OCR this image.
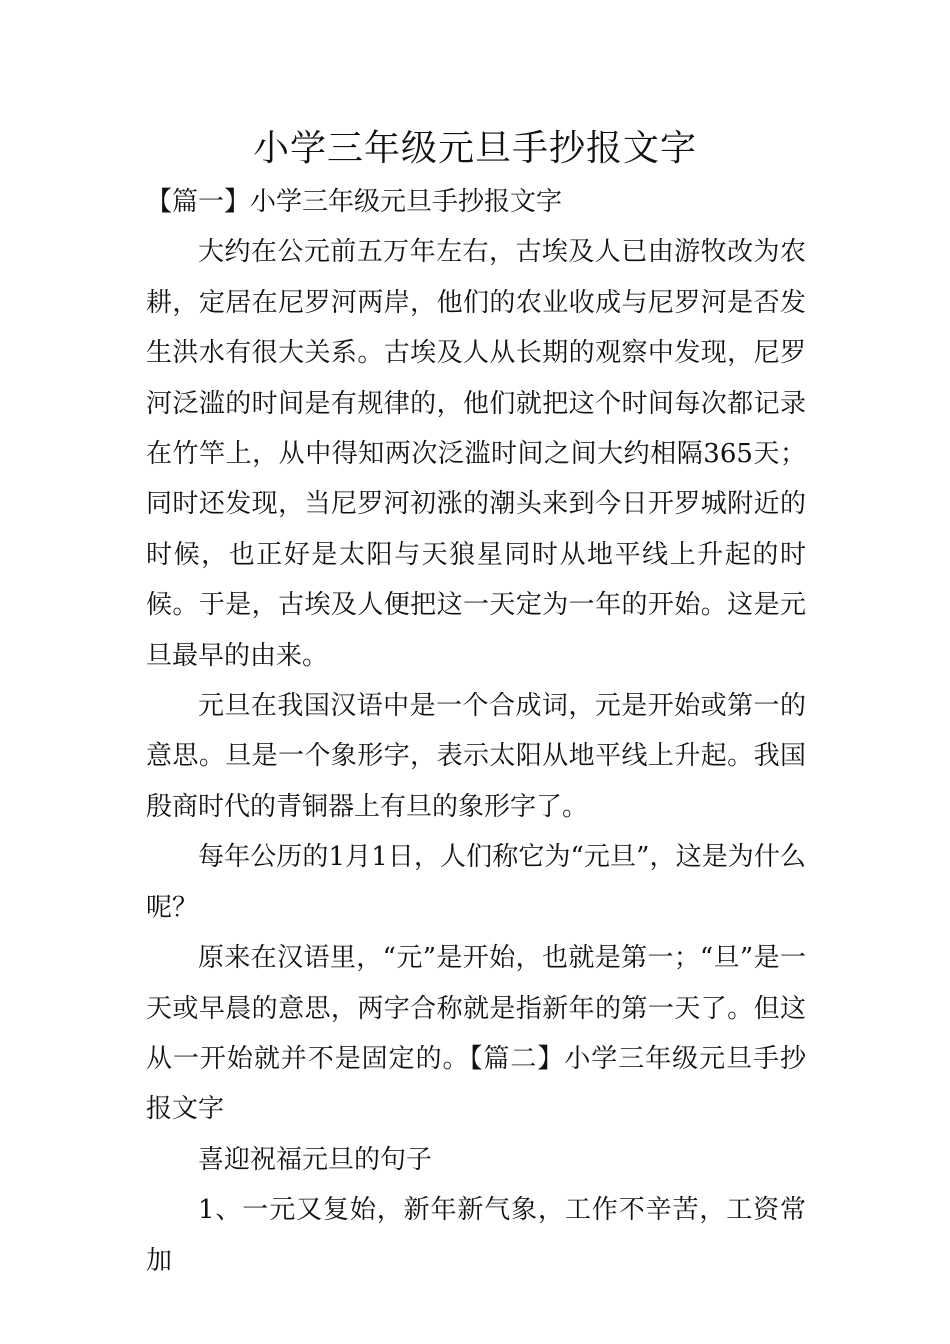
小学三年级元旦手抄报文字

【篇一】小学三年级元旦手抄报文字

大约在公元前五万年左右，古埃及人已由游牧改为农耕，定居在尼罗河两岸，他们的农业收成与尼罗河是否发生洪水有很大关系。古埃及人从长期的观察中发现，尼罗河泛滥的时间是有规律的，他们就把这个时间每次都记录在竹竿上，从中得知两次泛滥时间之间大约相隔365天；同时还发现，当尼罗河初涨的潮头来到今日开罗城附近的时候，也正好是太阳与天狼星同时从地平线上升起的时候。于是，古埃及人便把这一天定为一年的开始。这是元旦最早的由来。

元旦在我国汉语中是一个合成词，元是开始或第一的意思。旦是一个象形字，表示太阳从地平线上升起。我国殷商时代的青铜器上有旦的象形字了。

每年公历的1月1日，人们称它为“元旦”，这是为什么呢？

原来在汉语里，“元”是开始，也就是第一；“旦”是一天或早晨的意思，两字合称就是指新年的第一天了。但这从一开始就并不是固定的。【篇二】小学三年级元旦手抄报文字

喜迎祝福元旦的句子

1、一元又复始，新年新气象，工作不辛苦，工资常加
